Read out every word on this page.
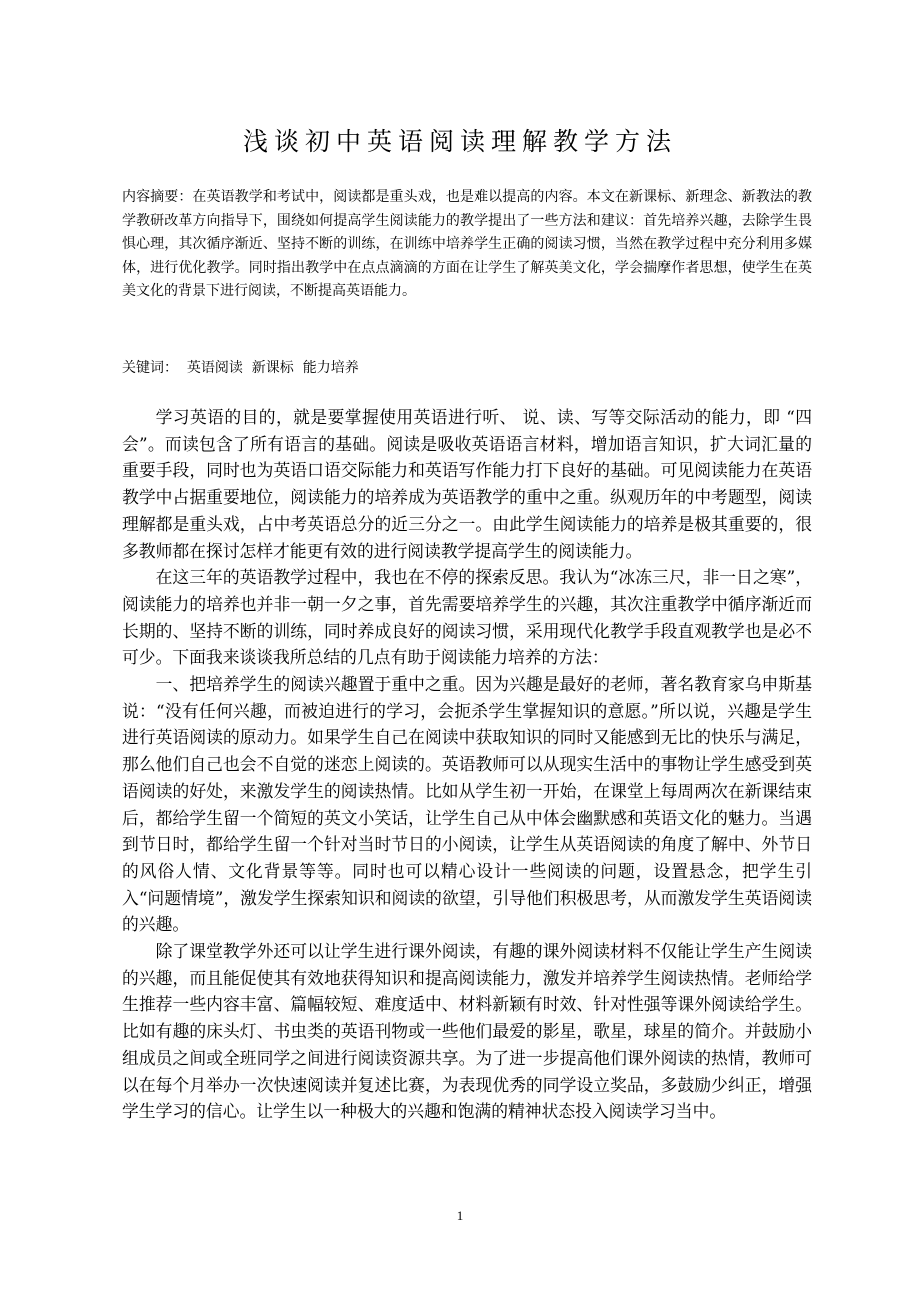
浅谈初中英语阅读理解教学方法
内容摘要：在英语教学和考试中，阅读都是重头戏，也是难以提高的内容。本文在新课标、新理念、新教法的教学教研改革方向指导下，围绕如何提高学生阅读能力的教学提出了一些方法和建议：首先培养兴趣，去除学生畏惧心理，其次循序渐近、坚持不断的训练，在训练中培养学生正确的阅读习惯，当然在教学过程中充分利用多媒体，进行优化教学。同时指出教学中在点点滴滴的方面在让学生了解英美文化，学会揣摩作者思想，使学生在英美文化的背景下进行阅读，不断提高英语能力。
关键词：  英语阅读  新课标  能力培养

学习英语的目的，就是要掌握使用英语进行听、 说、读、写等交际活动的能力，即 “四会”。而读包含了所有语言的基础。阅读是吸收英语语言材料，增加语言知识，扩大词汇量的重要手段，同时也为英语口语交际能力和英语写作能力打下良好的基础。可见阅读能力在英语教学中占据重要地位，阅读能力的培养成为英语教学的重中之重。纵观历年的中考题型，阅读理解都是重头戏，占中考英语总分的近三分之一。由此学生阅读能力的培养是极其重要的，很多教师都在探讨怎样才能更有效的进行阅读教学提高学生的阅读能力。

在这三年的英语教学过程中，我也在不停的探索反思。我认为“冰冻三尺，非一日之寒”，阅读能力的培养也并非一朝一夕之事，首先需要培养学生的兴趣，其次注重教学中循序渐近而长期的、坚持不断的训练，同时养成良好的阅读习惯，采用现代化教学手段直观教学也是必不可少。下面我来谈谈我所总结的几点有助于阅读能力培养的方法：

一、把培养学生的阅读兴趣置于重中之重。因为兴趣是最好的老师，著名教育家乌申斯基说：“没有任何兴趣，而被迫进行的学习，会扼杀学生掌握知识的意愿。”所以说，兴趣是学生进行英语阅读的原动力。如果学生自己在阅读中获取知识的同时又能感到无比的快乐与满足，那么他们自己也会不自觉的迷恋上阅读的。英语教师可以从现实生活中的事物让学生感受到英语阅读的好处，来激发学生的阅读热情。比如从学生初一开始，在课堂上每周两次在新课结束后，都给学生留一个简短的英文小笑话，让学生自己从中体会幽默感和英语文化的魅力。当遇到节日时，都给学生留一个针对当时节日的小阅读，让学生从英语阅读的角度了解中、外节日的风俗人情、文化背景等等。同时也可以精心设计一些阅读的问题，设置悬念，把学生引入“问题情境”，激发学生探索知识和阅读的欲望，引导他们积极思考，从而激发学生英语阅读的兴趣。

除了课堂教学外还可以让学生进行课外阅读，有趣的课外阅读材料不仅能让学生产生阅读的兴趣，而且能促使其有效地获得知识和提高阅读能力，激发并培养学生阅读热情。老师给学生推荐一些内容丰富、篇幅较短、难度适中、材料新颖有时效、针对性强等课外阅读给学生。比如有趣的床头灯、书虫类的英语刊物或一些他们最爱的影星，歌星，球星的简介。并鼓励小组成员之间或全班同学之间进行阅读资源共享。为了进一步提高他们课外阅读的热情，教师可以在每个月举办一次快速阅读并复述比赛，为表现优秀的同学设立奖品，多鼓励少纠正，增强学生学习的信心。让学生以一种极大的兴趣和饱满的精神状态投入阅读学习当中。

1
